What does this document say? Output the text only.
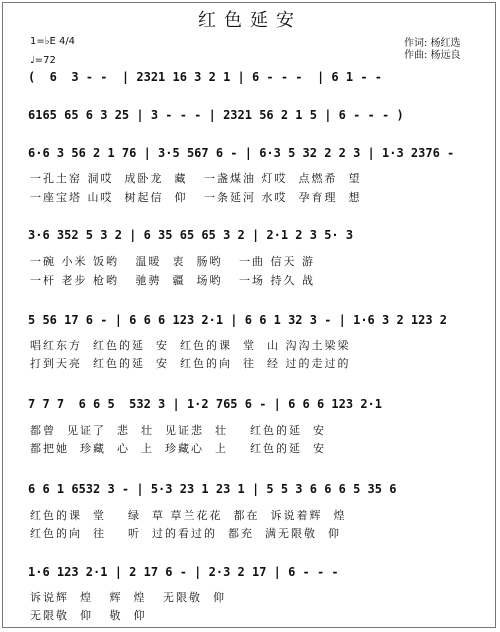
红色延安
1=♭E 4/4
♩=72
作词: 杨红选
作曲: 杨远良
(  6  3 - -  | 2321 16 3 2 1 | 6 - - -  | 6 1 - -
6165 65 6 3 25 | 3 - - - | 2321 56 2 1 5 | 6 - - - )
6·6 3 56 2 1 76 | 3·5 567 6 - | 6·3 5 32 2 2 3 | 1·3 2376 -
一孔土窑 洞哎  成卧龙  藏   一盏煤油 灯哎  点燃希  望
一座宝塔 山哎  树起信  仰   一条延河 水哎  孕育理  想
3·6 352 5 3 2 | 6 35 65 65 3 2 | 2·1 2 3 5· 3
一碗 小米 饭哟   温暖  衷  肠哟   一曲 信天 游
一杆 老步 枪哟   驰骋  疆  场哟   一场 持久 战
5 56 17 6 - | 6 6 6 123 2·1 | 6 6 1 32 3 - | 1·6 3 2 123 2
唱红东方  红色的延  安  红色的课  堂  山 沟沟土梁梁
打到天亮  红色的延  安  红色的向  往  经 过的走过的
7 7 7  6 6 5  532 3 | 1·2 765 6 - | 6 6 6 123 2·1
都曾  见证了  悲  壮  见证悲  壮    红色的延  安
都把她  珍藏  心  上  珍藏心  上    红色的延  安
6 6 1 6532 3 - | 5·3 23 1 23 1 | 5 5 3 6 6 6 5 35 6
红色的课  堂    绿  草 草兰花花  都在  诉说着辉  煌
红色的向  往    听  过的看过的  都充  满无限敬  仰
1·6 123 2·1 | 2 17 6 - | 2·3 2 17 | 6 - - -
诉说辉  煌   辉  煌   无限敬  仰
无限敬  仰   敬  仰
